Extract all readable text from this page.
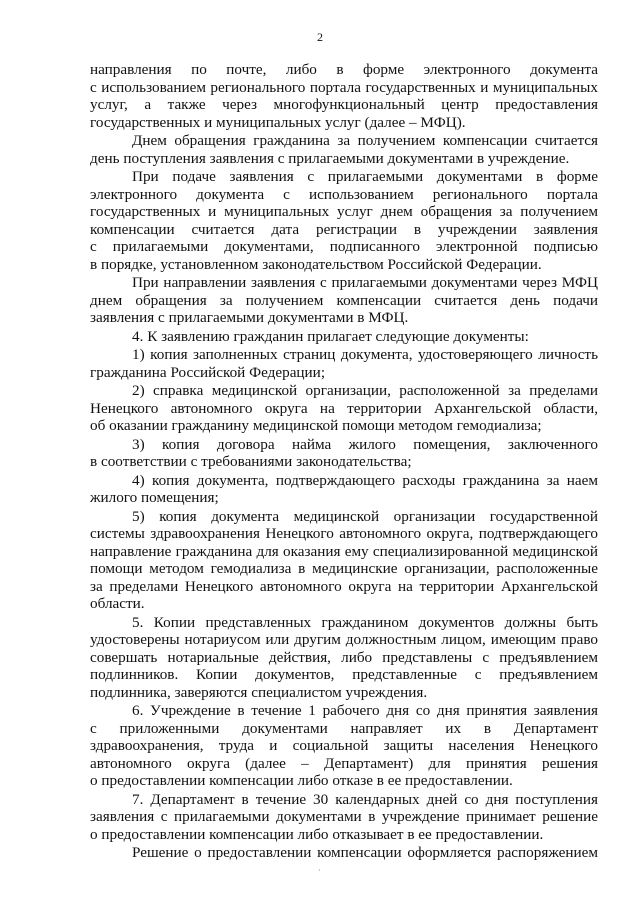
2
направления по почте, либо в форме электронного документа
с использованием регионального портала государственных и муниципальных
услуг, а также через многофункциональный центр предоставления
государственных и муниципальных услуг (далее – МФЦ).
Днем обращения гражданина за получением компенсации считается
день поступления заявления с прилагаемыми документами в учреждение.
При подаче заявления с прилагаемыми документами в форме
электронного документа с использованием регионального портала
государственных и муниципальных услуг днем обращения за получением
компенсации считается дата регистрации в учреждении заявления
с прилагаемыми документами, подписанного электронной подписью
в порядке, установленном законодательством Российской Федерации.
При направлении заявления с прилагаемыми документами через МФЦ
днем обращения за получением компенсации считается день подачи
заявления с прилагаемыми документами в МФЦ.
4. К заявлению гражданин прилагает следующие документы:
1) копия заполненных страниц документа, удостоверяющего личность
гражданина Российской Федерации;
2) справка медицинской организации, расположенной за пределами
Ненецкого автономного округа на территории Архангельской области,
об оказании гражданину медицинской помощи методом гемодиализа;
3) копия договора найма жилого помещения, заключенного
в соответствии с требованиями законодательства;
4) копия документа, подтверждающего расходы гражданина за наем
жилого помещения;
5) копия документа медицинской организации государственной
системы здравоохранения Ненецкого автономного округа, подтверждающего
направление гражданина для оказания ему специализированной медицинской
помощи методом гемодиализа в медицинские организации, расположенные
за пределами Ненецкого автономного округа на территории Архангельской
области.
5. Копии представленных гражданином документов должны быть
удостоверены нотариусом или другим должностным лицом, имеющим право
совершать нотариальные действия, либо представлены с предъявлением
подлинников. Копии документов, представленные с предъявлением
подлинника, заверяются специалистом учреждения.
6. Учреждение в течение 1 рабочего дня со дня принятия заявления
с приложенными документами направляет их в Департамент
здравоохранения, труда и социальной защиты населения Ненецкого
автономного округа (далее – Департамент) для принятия решения
о предоставлении компенсации либо отказе в ее предоставлении.
7. Департамент в течение 30 календарных дней со дня поступления
заявления с прилагаемыми документами в учреждение принимает решение
о предоставлении компенсации либо отказывает в ее предоставлении.
Решение о предоставлении компенсации оформляется распоряжением
·
